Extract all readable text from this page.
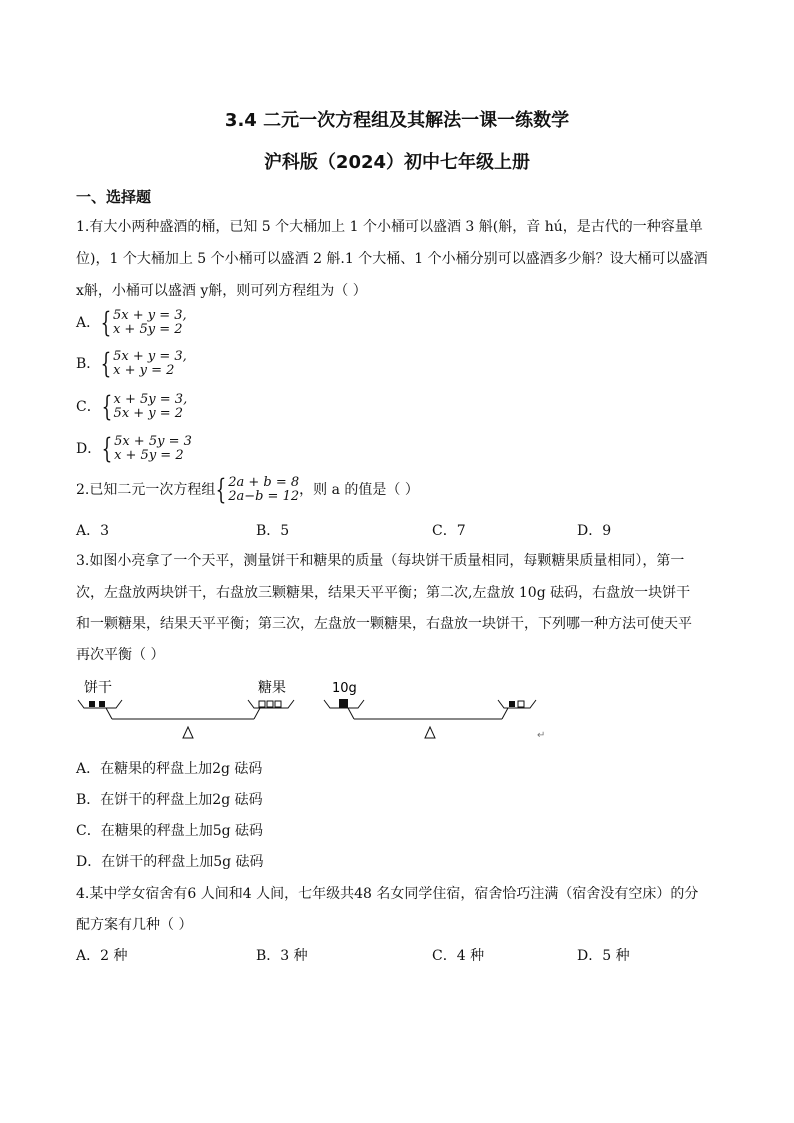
3.4 二元一次方程组及其解法一课一练数学
沪科版（2024）初中七年级上册
一、选择题
1.有大小两种盛酒的桶，已知 5 个大桶加上 1 个小桶可以盛酒 3 斛(斛，音 hú，是古代的一种容量单
位)，1 个大桶加上 5 个小桶可以盛酒 2 斛.1 个大桶、1 个小桶分别可以盛酒多少斛？设大桶可以盛酒
x斛，小桶可以盛酒 y斛，则可列方程组为（ ）
A．{ 5x + y = 3,
x + 5y = 2
B．{ 5x + y = 3,
x + y = 2
C．{ x + 5y = 3,
5x + y = 2
D．{ 5x + 5y = 3
x + 5y = 2
2.已知二元一次方程组{ 2a + b = 8
2a−b = 12 ，则 a 的值是（ ）
A．3	B．5	C．7	D．9
3.如图小亮拿了一个天平，测量饼干和糖果的质量（每块饼干质量相同，每颗糖果质量相同），第一
次，左盘放两块饼干，右盘放三颗糖果，结果天平平衡；第二次,左盘放 10g 砝码，右盘放一块饼干
和一颗糖果，结果天平平衡；第三次，左盘放一颗糖果，右盘放一块饼干，下列哪一种方法可使天平
再次平衡（ ）
饼干	糖果	10g
↵
A．在糖果的秤盘上加2g 砝码
B．在饼干的秤盘上加2g 砝码
C．在糖果的秤盘上加5g 砝码
D．在饼干的秤盘上加5g 砝码
4.某中学女宿舍有6 人间和4 人间，七年级共48 名女同学住宿，宿舍恰巧注满（宿舍没有空床）的分
配方案有几种（ ）
A．2 种	B．3 种	C．4 种	D．5 种
